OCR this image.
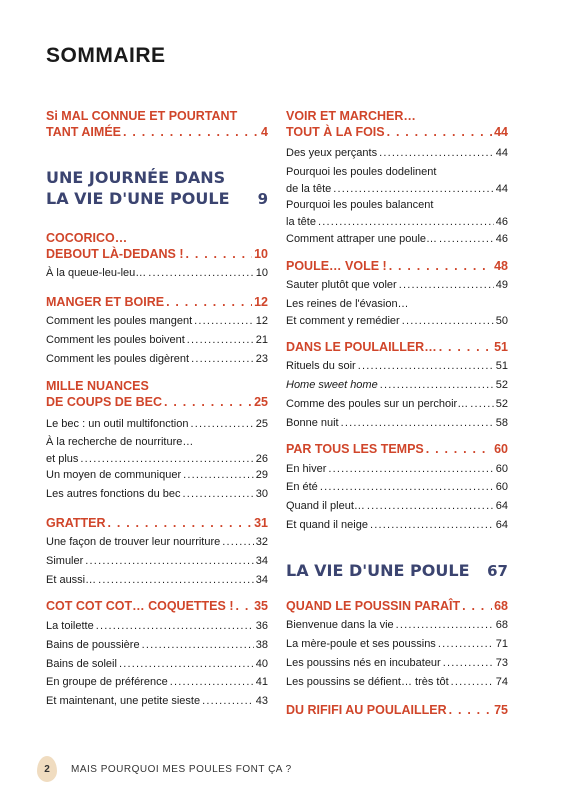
SOMMAIRE
Si MAL CONNUE ET POURTANT
TANT AIMÉE . . .	4
UNE JOURNÉE DANS
LA VIE D'UNE POULE 9
COCORICO…
DEBOUT LÀ-DEDANS ! . . .	10
À la queue-leu-leu… .....	10
MANGER ET BOIRE . . .	12
Comment les poules mangent .....	12
Comment les poules boivent .....	21
Comment les poules digèrent .....	23
MILLE NUANCES
DE COUPS DE BEC . . .	25
Le bec : un outil multifonction .....	25
À la recherche de nourriture…
et plus .....	26
Un moyen de communiquer .....	29
Les autres fonctions du bec .....	30
GRATTER . . .	31
Une façon de trouver leur nourriture .....	32
Simuler .....	34
Et aussi… .....	34
COT COT COT… COQUETTES ! . . . 35
La toilette .....	36
Bains de poussière .....	38
Bains de soleil .....	40
En groupe de préférence .....	41
Et maintenant, une petite sieste .....	43
VOIR ET MARCHER…
TOUT À LA FOIS . . .	44
Des yeux perçants .....	44
Pourquoi les poules dodelinent
de la tête .....	44
Pourquoi les poules balancent
la tête .....	46
Comment attraper une poule… .....	46
POULE… VOLE ! . . .	48
Sauter plutôt que voler .....	49
Les reines de l'évasion…
Et comment y remédier .....	50
DANS LE POULAILLER… . . .	51
Rituels du soir .....	51
Home sweet home .....	52
Comme des poules sur un perchoir… .....	52
Bonne nuit .....	58
PAR TOUS LES TEMPS . . .	60
En hiver .....	60
En été .....	60
Quand il pleut… .....	64
Et quand il neige .....	64
LA VIE D'UNE POULE 67
QUAND LE POUSSIN PARAÎT . . .	68
Bienvenue dans la vie .....	68
La mère-poule et ses poussins .....	71
Les poussins nés en incubateur .....	73
Les poussins se défient… très tôt .....	74
DU RIFIFI AU POULAILLER . . .	75
2 MAIS POURQUOI MES POULES FONT ÇA ?
